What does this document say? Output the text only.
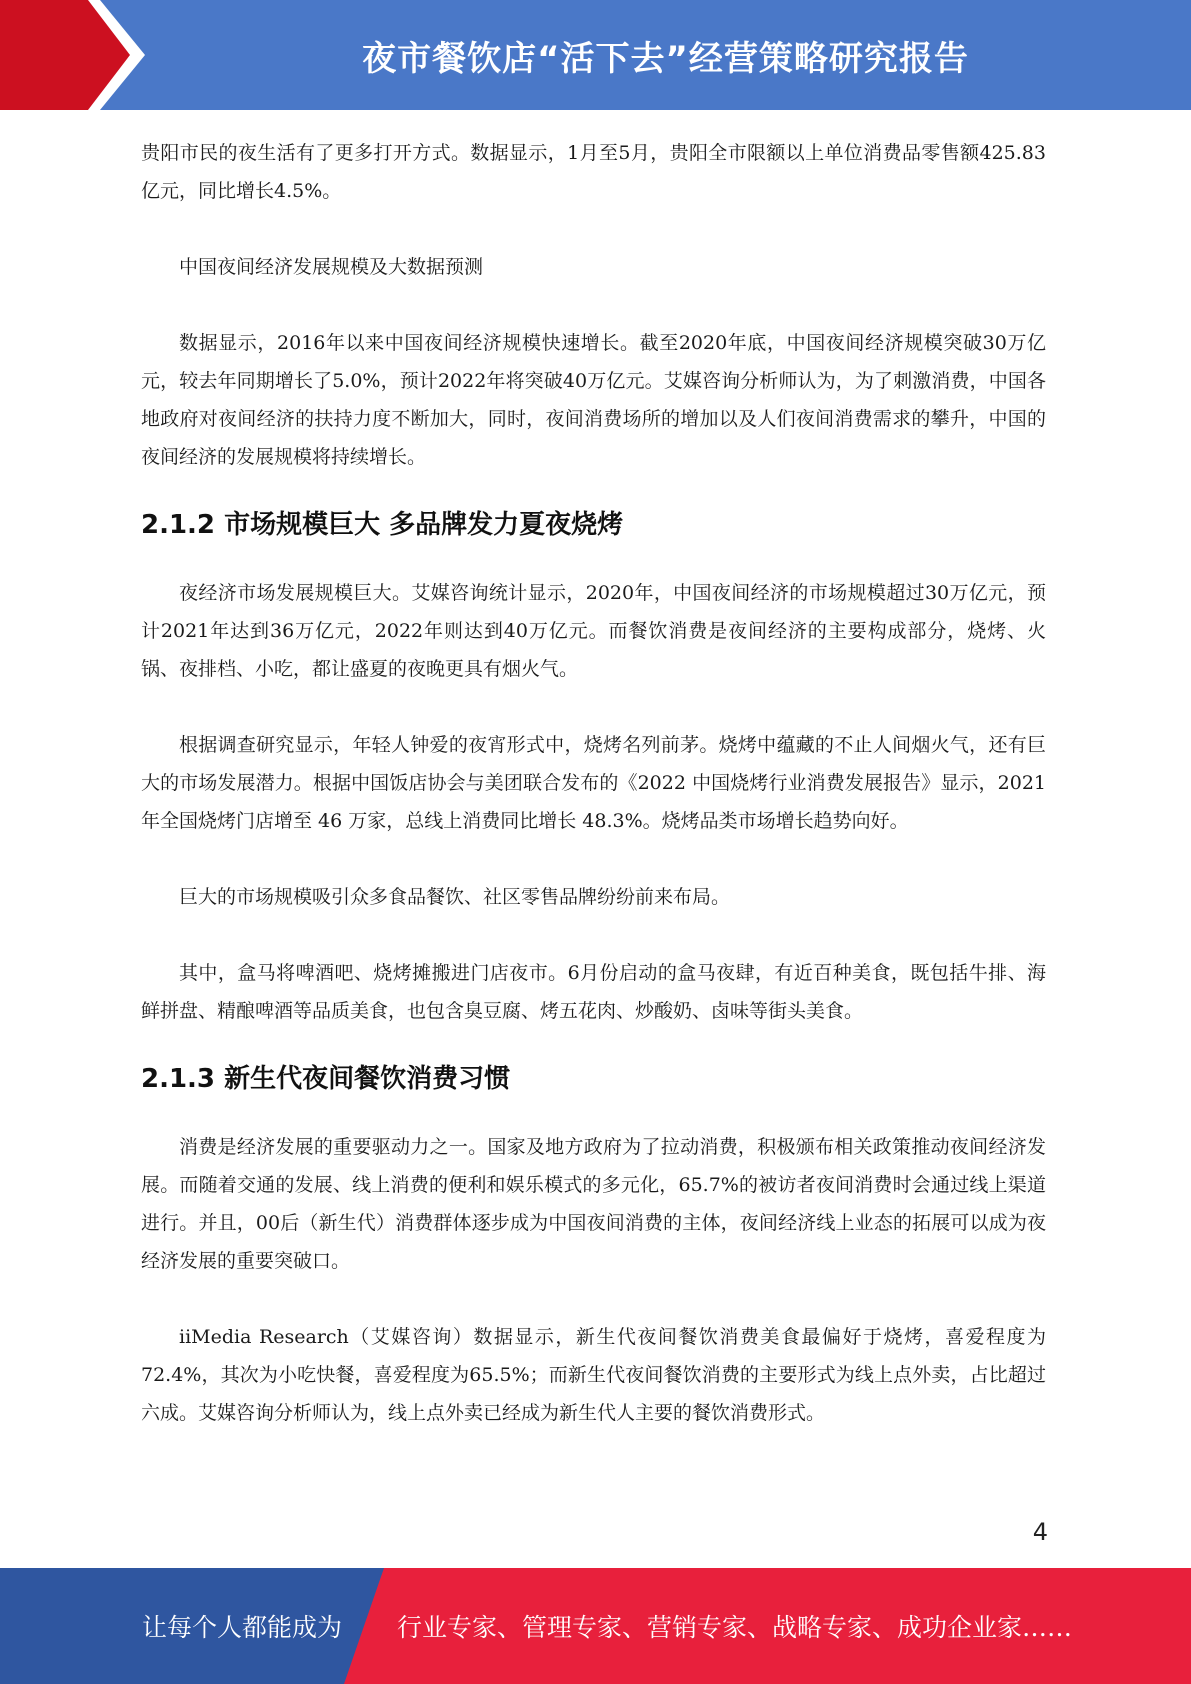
夜市餐饮店“活下去”经营策略研究报告

贵阳市民的夜生活有了更多打开方式。数据显示，1月至5月，贵阳全市限额以上单位消费品零售额425.83亿元，同比增长4.5%。

中国夜间经济发展规模及大数据预测

数据显示，2016年以来中国夜间经济规模快速增长。截至2020年底，中国夜间经济规模突破30万亿元，较去年同期增长了5.0%，预计2022年将突破40万亿元。艾媒咨询分析师认为，为了刺激消费，中国各地政府对夜间经济的扶持力度不断加大，同时，夜间消费场所的增加以及人们夜间消费需求的攀升，中国的夜间经济的发展规模将持续增长。

2.1.2 市场规模巨大 多品牌发力夏夜烧烤

夜经济市场发展规模巨大。艾媒咨询统计显示，2020年，中国夜间经济的市场规模超过30万亿元，预计2021年达到36万亿元，2022年则达到40万亿元。而餐饮消费是夜间经济的主要构成部分，烧烤、火锅、夜排档、小吃，都让盛夏的夜晚更具有烟火气。

根据调查研究显示，年轻人钟爱的夜宵形式中，烧烤名列前茅。烧烤中蕴藏的不止人间烟火气，还有巨大的市场发展潜力。根据中国饭店协会与美团联合发布的《2022 中国烧烤行业消费发展报告》显示，2021 年全国烧烤门店增至 46 万家，总线上消费同比增长 48.3%。烧烤品类市场增长趋势向好。

巨大的市场规模吸引众多食品餐饮、社区零售品牌纷纷前来布局。

其中，盒马将啤酒吧、烧烤摊搬进门店夜市。6月份启动的盒马夜肆，有近百种美食，既包括牛排、海鲜拼盘、精酿啤酒等品质美食，也包含臭豆腐、烤五花肉、炒酸奶、卤味等街头美食。

2.1.3 新生代夜间餐饮消费习惯

消费是经济发展的重要驱动力之一。国家及地方政府为了拉动消费，积极颁布相关政策推动夜间经济发展。而随着交通的发展、线上消费的便利和娱乐模式的多元化，65.7%的被访者夜间消费时会通过线上渠道进行。并且，00后（新生代）消费群体逐步成为中国夜间消费的主体，夜间经济线上业态的拓展可以成为夜经济发展的重要突破口。

iiMedia Research（艾媒咨询）数据显示，新生代夜间餐饮消费美食最偏好于烧烤，喜爱程度为72.4%，其次为小吃快餐，喜爱程度为65.5%；而新生代夜间餐饮消费的主要形式为线上点外卖，占比超过六成。艾媒咨询分析师认为，线上点外卖已经成为新生代人主要的餐饮消费形式。

4
让每个人都能成为 行业专家、管理专家、营销专家、战略专家、成功企业家……
